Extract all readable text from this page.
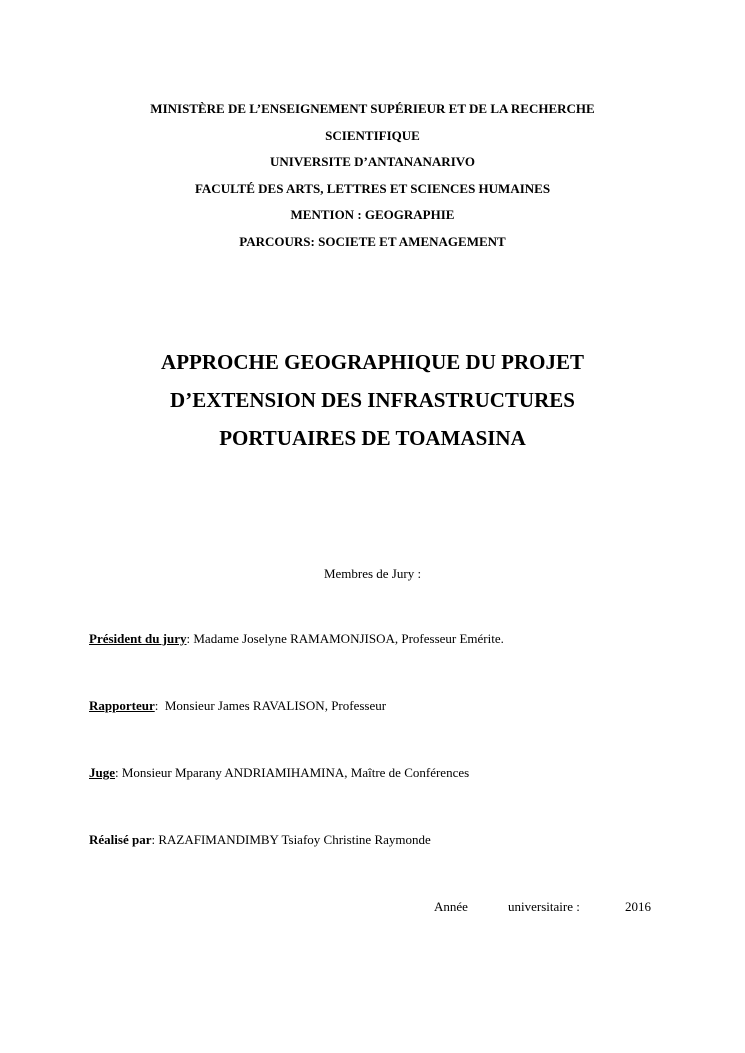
MINISTÈRE DE L’ENSEIGNEMENT SUPÉRIEUR ET DE LA RECHERCHE
SCIENTIFIQUE
UNIVERSITE D’ANTANANARIVO
FACULTÉ DES ARTS, LETTRES ET SCIENCES HUMAINES
MENTION : GEOGRAPHIE
PARCOURS: SOCIETE ET AMENAGEMENT
APPROCHE GEOGRAPHIQUE DU PROJET
D’EXTENSION DES INFRASTRUCTURES
PORTUAIRES DE TOAMASINA
Membres de Jury :
Président du jury: Madame Joselyne RAMAMONJISOA, Professeur Emérite.
Rapporteur:  Monsieur James RAVALISON, Professeur
Juge: Monsieur Mparany ANDRIAMIHAMINA, Maître de Conférences
Réalisé par: RAZAFIMANDIMBY Tsiafoy Christine Raymonde
Année	universitaire :	2016
